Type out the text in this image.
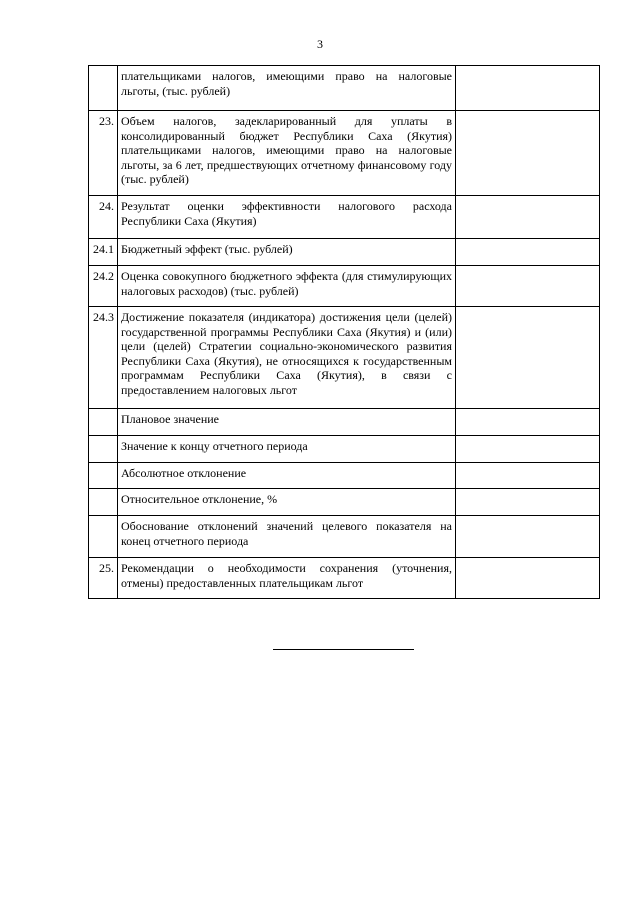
3
	плательщиками налогов, имеющими право на налоговые льготы, (тыс. рублей)	
23.	Объем налогов, задекларированный для уплаты в консолидированный бюджет Республики Саха (Якутия) плательщиками налогов, имеющими право на налоговые льготы, за 6 лет, предшествующих отчетному финансовому году (тыс. рублей)	
24.	Результат оценки эффективности налогового расхода Республики Саха (Якутия)	
24.1	Бюджетный эффект (тыс. рублей)	
24.2	Оценка совокупного бюджетного эффекта (для стимулирующих налоговых расходов) (тыс. рублей)	
24.3	Достижение показателя (индикатора) достижения цели (целей) государственной программы Республики Саха (Якутия) и (или) цели (целей) Стратегии социально-экономического развития Республики Саха (Якутия), не относящихся к государственным программам Республики Саха (Якутия), в связи с предоставлением налоговых льгот	
	Плановое значение	
	Значение к концу отчетного периода	
	Абсолютное отклонение	
	Относительное отклонение, %	
	Обоснование отклонений значений целевого показателя на конец отчетного периода	
25.	Рекомендации о необходимости сохранения (уточнения, отмены) предоставленных плательщикам льгот	
